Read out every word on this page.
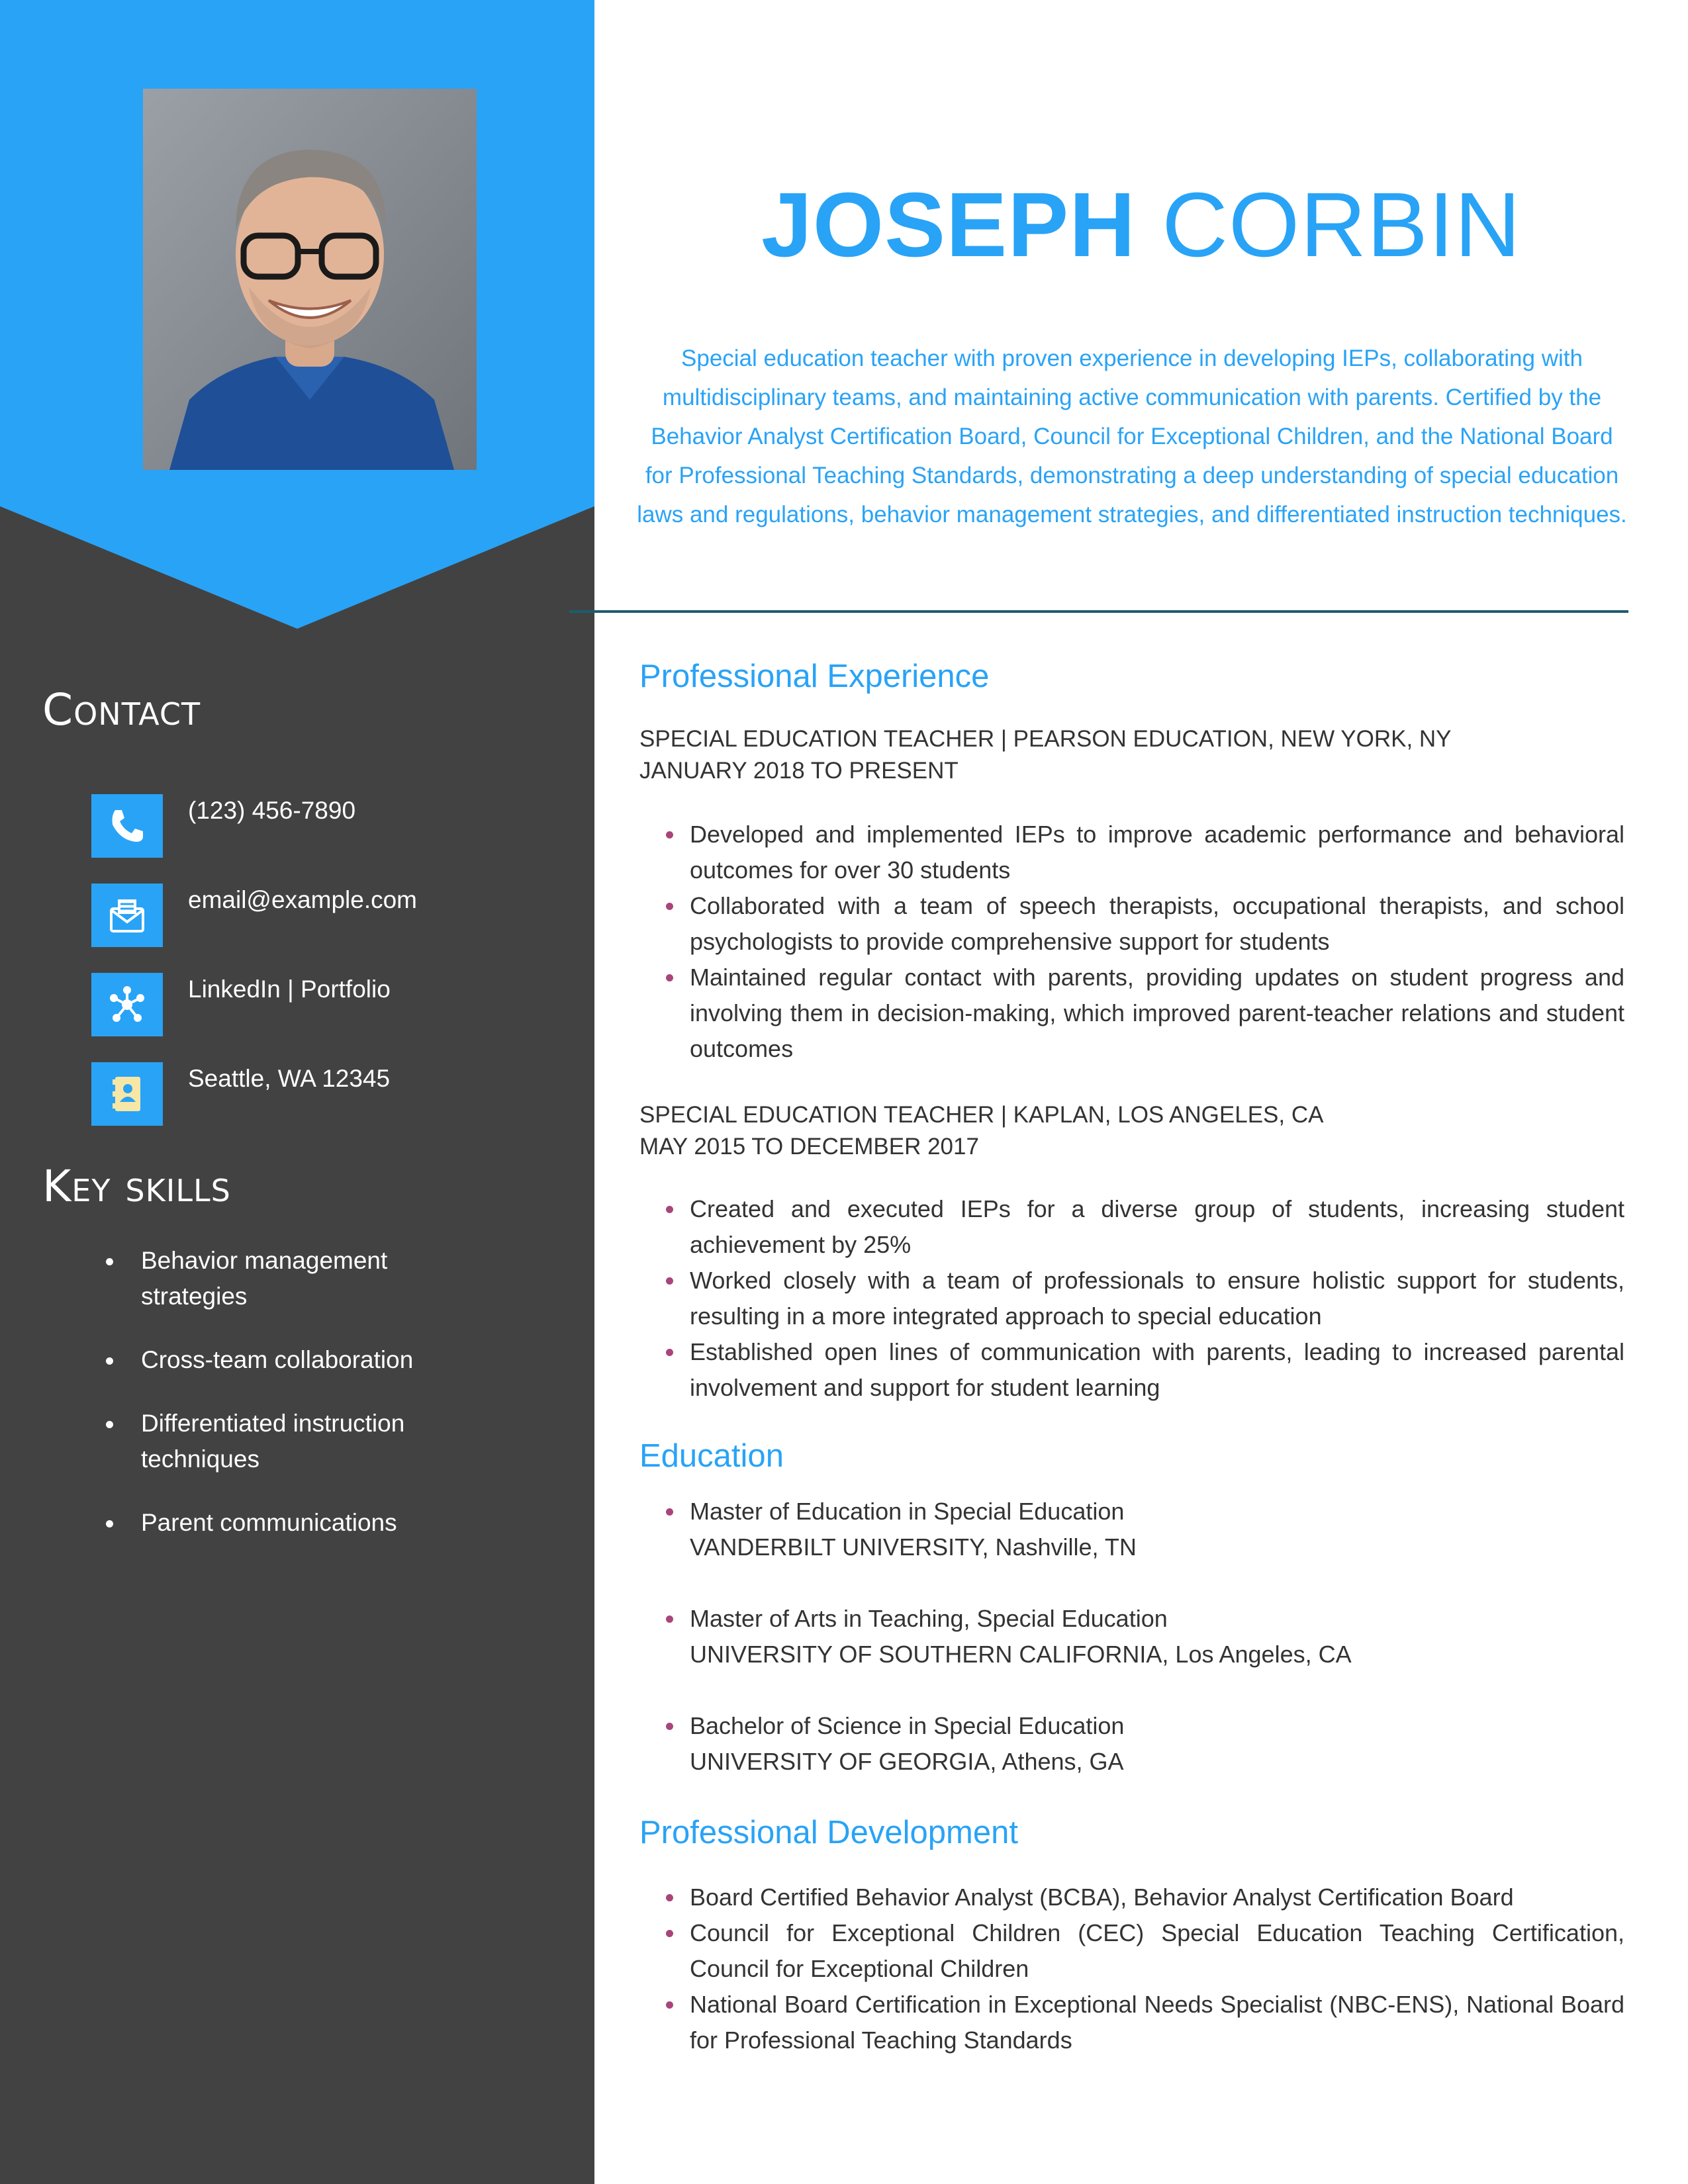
Contact
(123) 456-7890
email@example.com
LinkedIn | Portfolio
Seattle, WA 12345
Key skills
Behavior management strategies
Cross-team collaboration
Differentiated instruction techniques
Parent communications
JOSEPH CORBIN

Special education teacher with proven experience in developing IEPs, collaborating with multidisciplinary teams, and maintaining active communication with parents. Certified by the Behavior Analyst Certification Board, Council for Exceptional Children, and the National Board for Professional Teaching Standards, demonstrating a deep understanding of special education laws and regulations, behavior management strategies, and differentiated instruction techniques.

Professional Experience

SPECIAL EDUCATION TEACHER | PEARSON EDUCATION, NEW YORK, NY

JANUARY 2018 TO PRESENT

Developed and implemented IEPs to improve academic performance and behavioral outcomes for over 30 students
Collaborated with a team of speech therapists, occupational therapists, and school psychologists to provide comprehensive support for students
Maintained regular contact with parents, providing updates on student progress and involving them in decision-making, which improved parent-teacher relations and student outcomes

SPECIAL EDUCATION TEACHER | KAPLAN, LOS ANGELES, CA

MAY 2015 TO DECEMBER 2017

Created and executed IEPs for a diverse group of students, increasing student achievement by 25%
Worked closely with a team of professionals to ensure holistic support for students, resulting in a more integrated approach to special education
Established open lines of communication with parents, leading to increased parental involvement and support for student learning
Education
Master of Education in Special Education
VANDERBILT UNIVERSITY, Nashville, TN
Master of Arts in Teaching, Special Education
UNIVERSITY OF SOUTHERN CALIFORNIA, Los Angeles, CA
Bachelor of Science in Special Education
UNIVERSITY OF GEORGIA, Athens, GA
Professional Development
Board Certified Behavior Analyst (BCBA), Behavior Analyst Certification Board
Council for Exceptional Children (CEC) Special Education Teaching Certification, Council for Exceptional Children
National Board Certification in Exceptional Needs Specialist (NBC-ENS), National Board for Professional Teaching Standards
